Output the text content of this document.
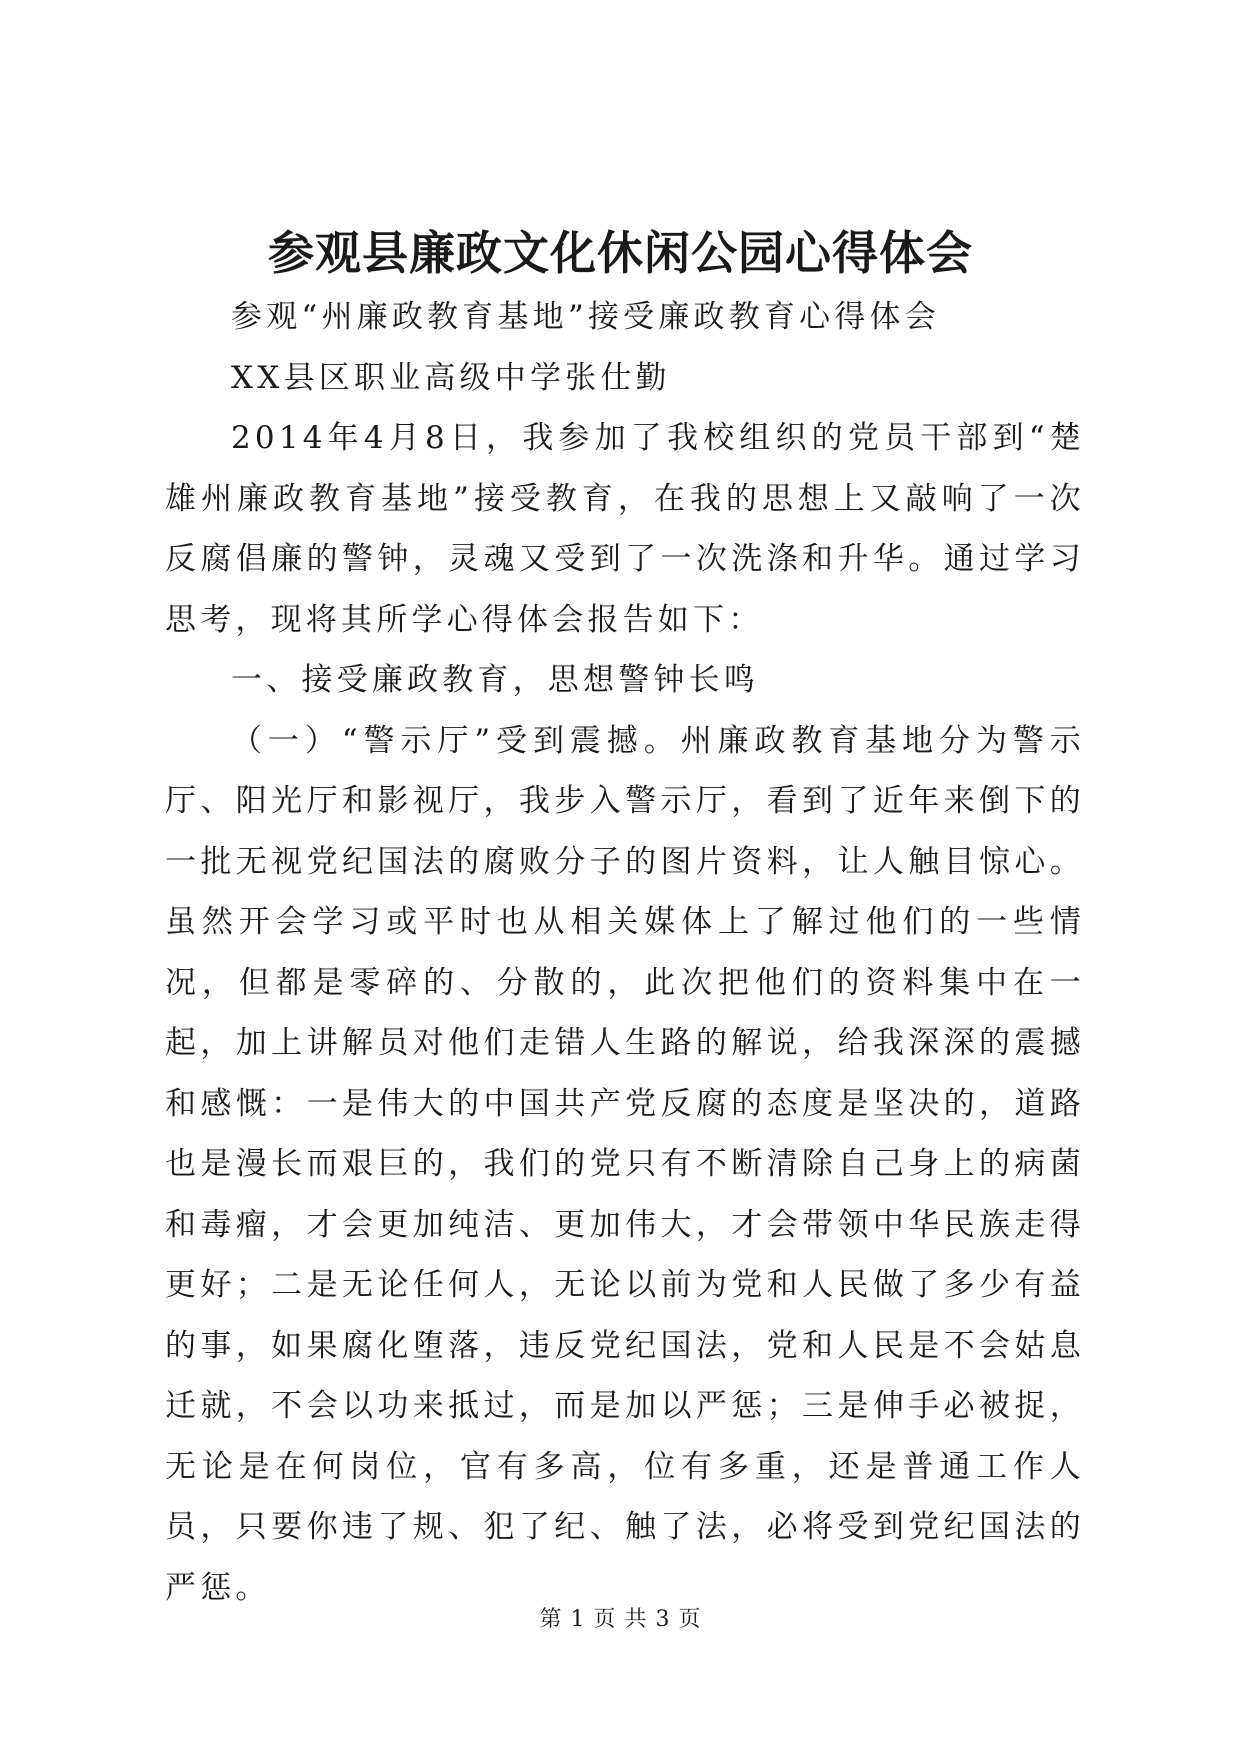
参观县廉政文化休闲公园心得体会

参观“州廉政教育基地”接受廉政教育心得体会

XX县区职业高级中学张仕勤

2014年4月8日，我参加了我校组织的党员干部到“楚雄州廉政教育基地”接受教育，在我的思想上又敲响了一次反腐倡廉的警钟，灵魂又受到了一次洗涤和升华。通过学习思考，现将其所学心得体会报告如下：

一、接受廉政教育，思想警钟长鸣

（一）“警示厅”受到震撼。州廉政教育基地分为警示厅、阳光厅和影视厅，我步入警示厅，看到了近年来倒下的一批无视党纪国法的腐败分子的图片资料，让人触目惊心。虽然开会学习或平时也从相关媒体上了解过他们的一些情况，但都是零碎的、分散的，此次把他们的资料集中在一起，加上讲解员对他们走错人生路的解说，给我深深的震撼和感慨：一是伟大的中国共产党反腐的态度是坚决的，道路也是漫长而艰巨的，我们的党只有不断清除自己身上的病菌和毒瘤，才会更加纯洁、更加伟大，才会带领中华民族走得更好；二是无论任何人，无论以前为党和人民做了多少有益的事，如果腐化堕落，违反党纪国法，党和人民是不会姑息迁就，不会以功来抵过，而是加以严惩；三是伸手必被捉，无论是在何岗位，官有多高，位有多重，还是普通工作人员，只要你违了规、犯了纪、触了法，必将受到党纪国法的严惩。

第 1 页 共 3 页
